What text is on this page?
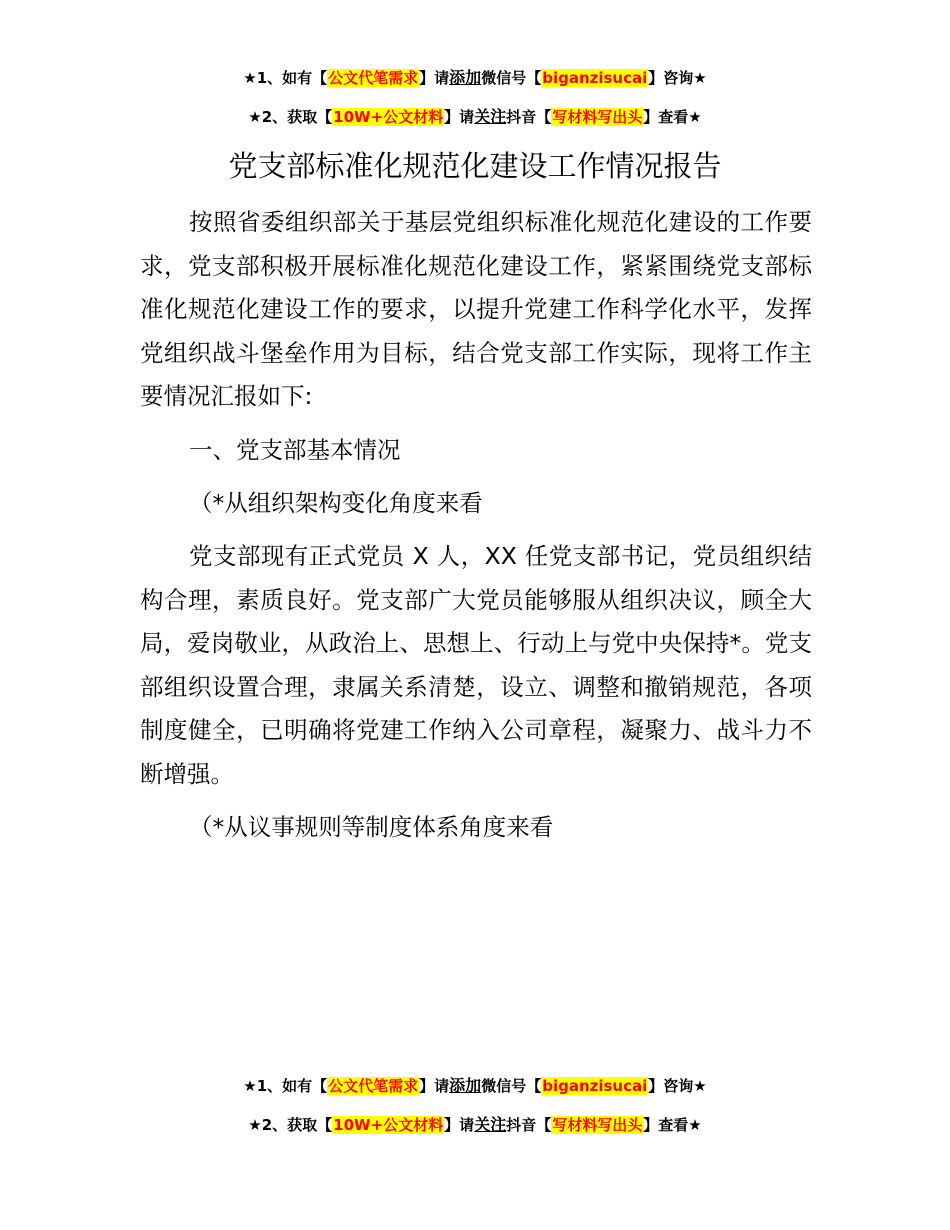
★1、如有【公文代笔需求】请添加微信号【biganzisucai】咨询★
★2、获取【10W+公文材料】请关注抖音【写材料写出头】查看★
党支部标准化规范化建设工作情况报告
按照省委组织部关于基层党组织标准化规范化建设的工作要求，党支部积极开展标准化规范化建设工作，紧紧围绕党支部标准化规范化建设工作的要求，以提升党建工作科学化水平，发挥党组织战斗堡垒作用为目标，结合党支部工作实际，现将工作主要情况汇报如下:
一、党支部基本情况
（*从组织架构变化角度来看
党支部现有正式党员 X 人，XX 任党支部书记，党员组织结构合理，素质良好。党支部广大党员能够服从组织决议，顾全大局，爱岗敬业，从政治上、思想上、行动上与党中央保持*。党支部组织设置合理，隶属关系清楚，设立、调整和撤销规范，各项制度健全，已明确将党建工作纳入公司章程，凝聚力、战斗力不断增强。
（*从议事规则等制度体系角度来看
★1、如有【公文代笔需求】请添加微信号【biganzisucai】咨询★
★2、获取【10W+公文材料】请关注抖音【写材料写出头】查看★
